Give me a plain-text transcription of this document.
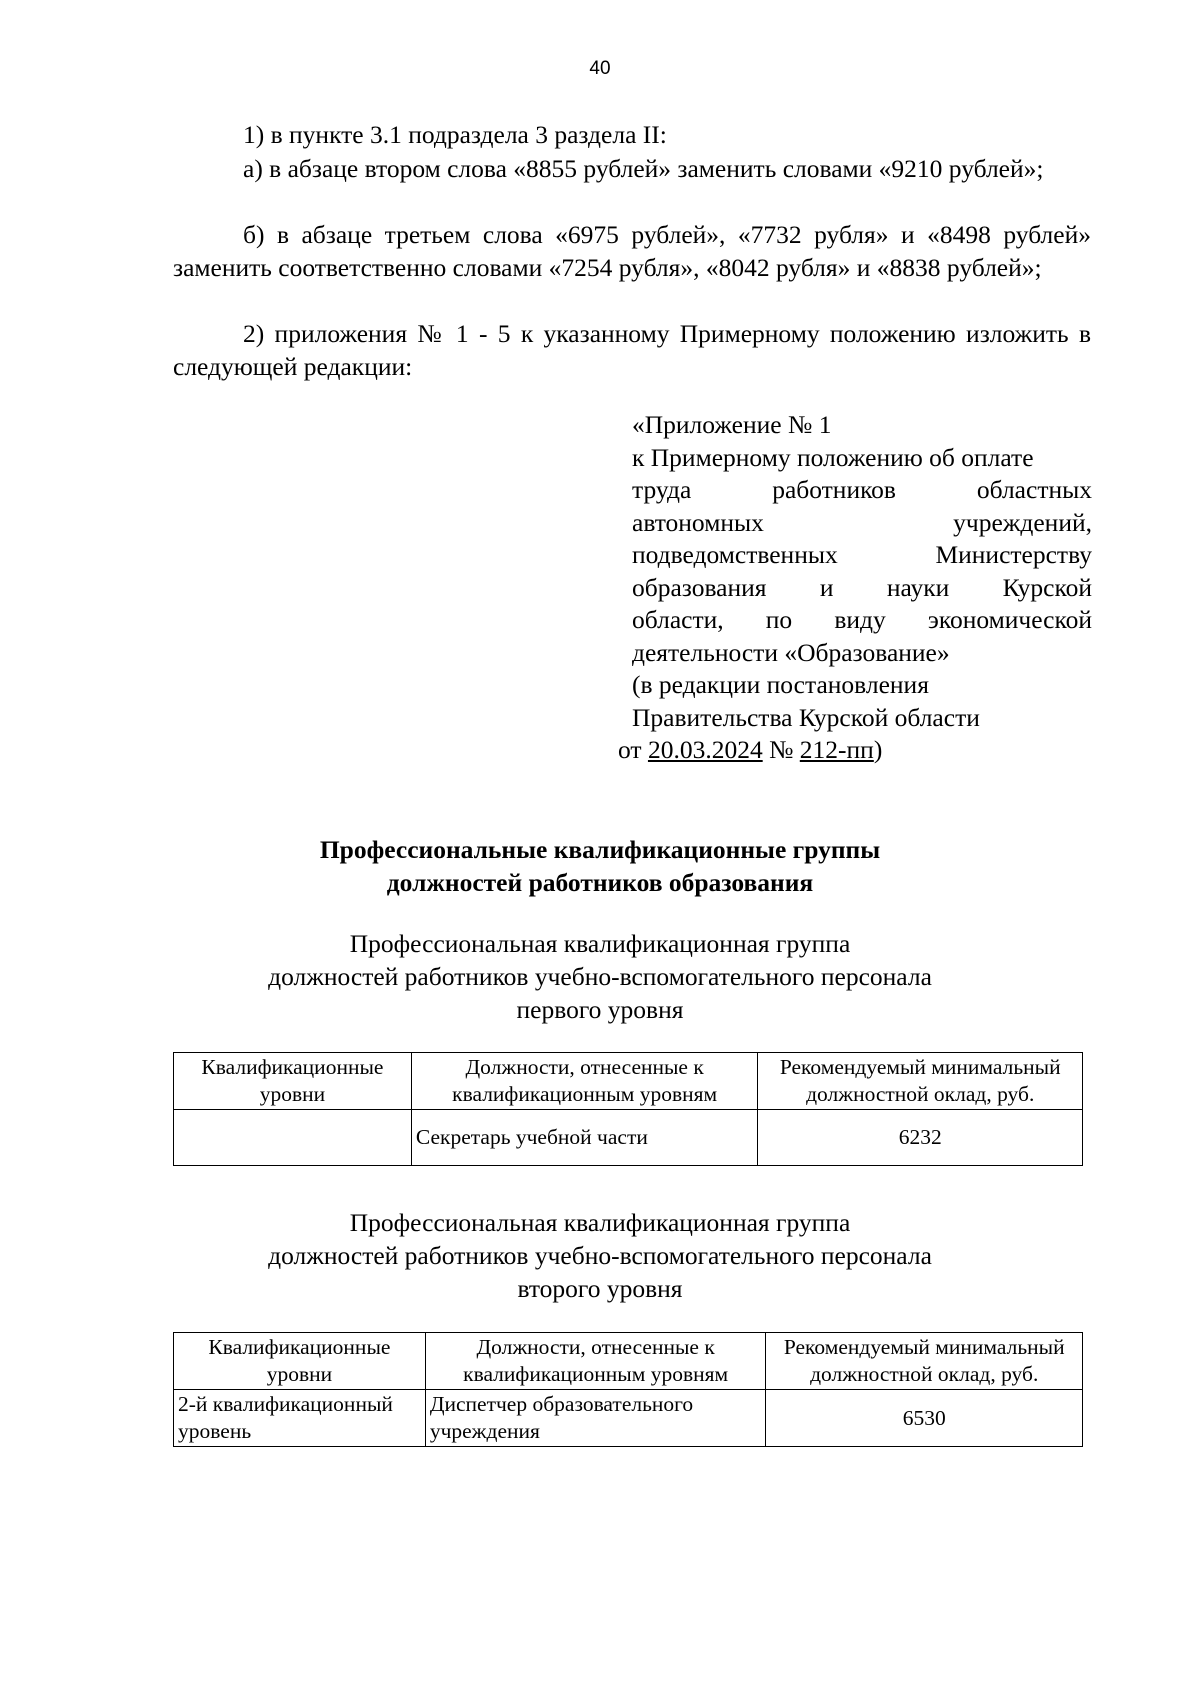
40
1) в пункте 3.1 подраздела 3 раздела II:
а) в абзаце втором слова «8855 рублей» заменить словами «9210 рублей»;
б) в абзаце третьем слова «6975 рублей», «7732 рубля» и «8498 рублей» заменить соответственно словами «7254 рубля», «8042 рубля» и «8838 рублей»;
2) приложения № 1 - 5 к указанному Примерному положению изложить в следующей редакции:
«Приложение № 1
к Примерному положению об оплате
труда работников областных
автономных учреждений,
подведомственных Министерству
образования и науки Курской
области, по виду экономической
деятельности «Образование»
(в редакции постановления
Правительства Курской области
от 20.03.2024 № 212-пп)
Профессиональные квалификационные группы
должностей работников образования
Профессиональная квалификационная группа
должностей работников учебно-вспомогательного персонала
первого уровня
Квалификационные уровни	Должности, отнесенные к квалификационным уровням	Рекомендуемый минимальный должностной оклад, руб.
	Секретарь учебной части	6232
Профессиональная квалификационная группа
должностей работников учебно-вспомогательного персонала
второго уровня
Квалификационные уровни	Должности, отнесенные к квалификационным уровням	Рекомендуемый минимальный должностной оклад, руб.
2-й квалификационный уровень	Диспетчер образовательного учреждения	6530
